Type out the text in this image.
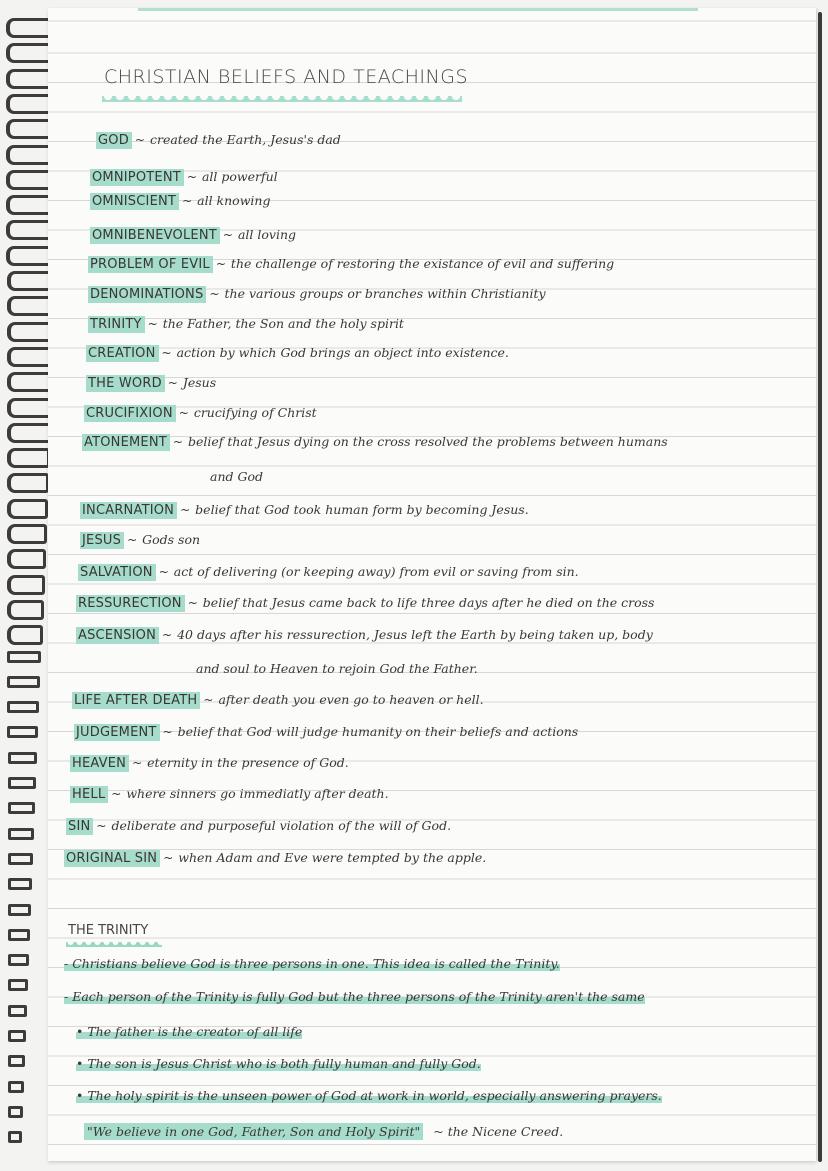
CHRISTIAN BELIEFS AND TEACHINGS
GOD ~ created the Earth, Jesus's dad
OMNIPOTENT ~ all powerful
OMNISCIENT ~ all knowing
OMNIBENEVOLENT ~ all loving
PROBLEM OF EVIL ~ the challenge of restoring the existance of evil and suffering
DENOMINATIONS ~ the various groups or branches within Christianity
TRINITY ~ the Father, the Son and the holy spirit
CREATION ~ action by which God brings an object into existence.
THE WORD ~ Jesus
CRUCIFIXION ~ crucifying of Christ
ATONEMENT ~ belief that Jesus dying on the cross resolved the problems between humans
and God
INCARNATION ~ belief that God took human form by becoming Jesus.
JESUS ~ Gods son
SALVATION ~ act of delivering (or keeping away) from evil or saving from sin.
RESSURECTION ~ belief that Jesus came back to life three days after he died on the cross
ASCENSION ~ 40 days after his ressurection, Jesus left the Earth by being taken up, body
and soul to Heaven to rejoin God the Father.
LIFE AFTER DEATH ~ after death you even go to heaven or hell.
JUDGEMENT ~ belief that God will judge humanity on their beliefs and actions
HEAVEN ~ eternity in the presence of God.
HELL ~ where sinners go immediatly after death.
SIN ~ deliberate and purposeful violation of the will of God.
ORIGINAL SIN ~ when Adam and Eve were tempted by the apple.
THE TRINITY
- Christians believe God is three persons in one. This idea is called the Trinity.
- Each person of the Trinity is fully God but the three persons of the Trinity aren't the same
• The father is the creator of all life
• The son is Jesus Christ who is both fully human and fully God.
• The holy spirit is the unseen power of God at work in world, especially answering prayers.
"We believe in one God, Father, Son and Holy Spirit" ~ the Nicene Creed.
